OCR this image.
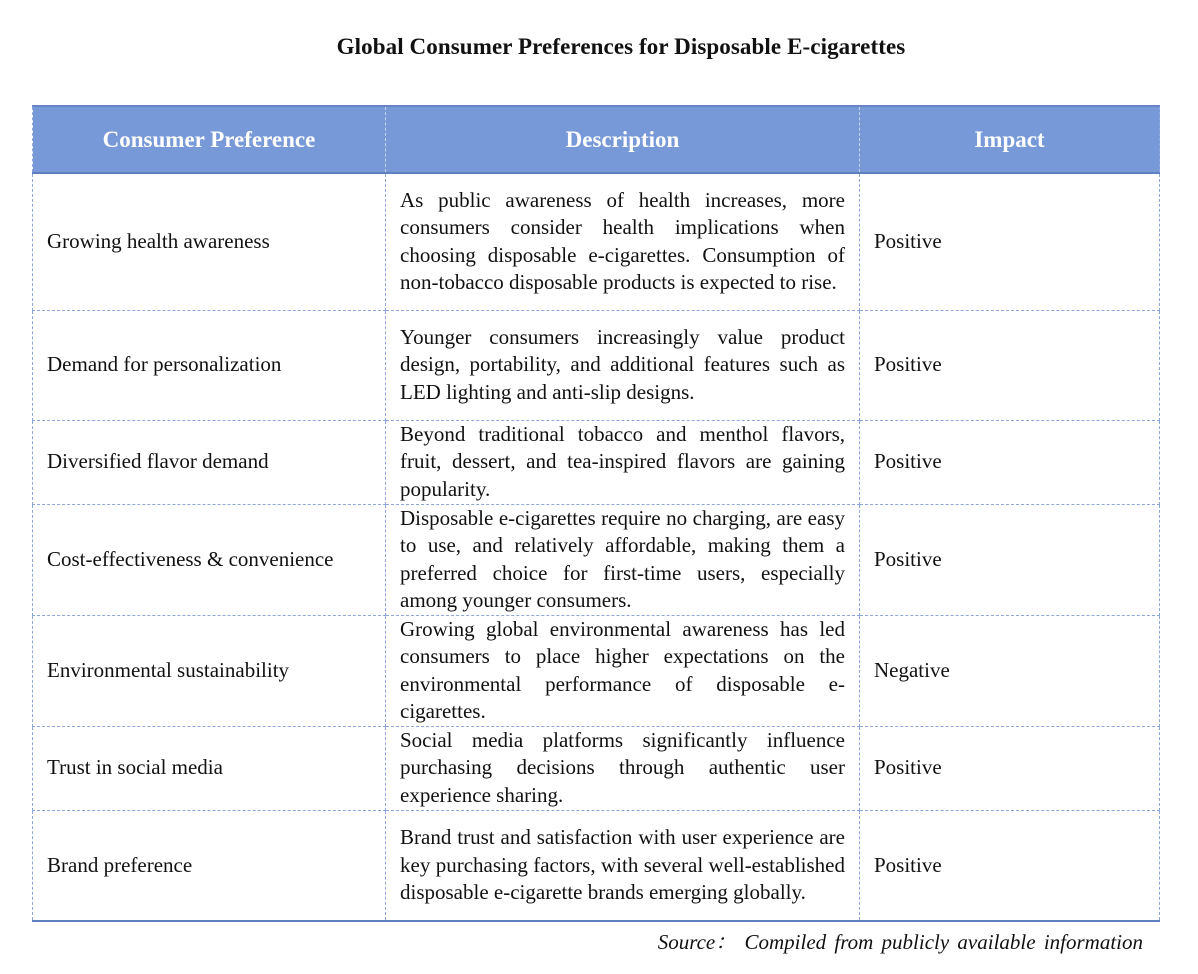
Global Consumer Preferences for Disposable E-cigarettes
Consumer Preference	Description	Impact
Growing health awareness	As public awareness of health increases, more consumers consider health implications when choosing disposable e-cigarettes. Consumption of non-tobacco disposable products is expected to rise.	Positive
Demand for personalization	Younger consumers increasingly value product design, portability, and additional features such as LED lighting and anti-slip designs.	Positive
Diversified flavor demand	Beyond traditional tobacco and menthol flavors, fruit, dessert, and tea-inspired flavors are gaining popularity.	Positive
Cost-effectiveness & convenience	Disposable e-cigarettes require no charging, are easy to use, and relatively affordable, making them a preferred choice for first-time users, especially among younger consumers.	Positive
Environmental sustainability	Growing global environmental awareness has led consumers to place higher expectations on the environmental performance of disposable e-cigarettes.	Negative
Trust in social media	Social media platforms significantly influence purchasing decisions through authentic user experience sharing.	Positive
Brand preference	Brand trust and satisfaction with user experience are key purchasing factors, with several well-established disposable e-cigarette brands emerging globally.	Positive
Source： Compiled from publicly available information
